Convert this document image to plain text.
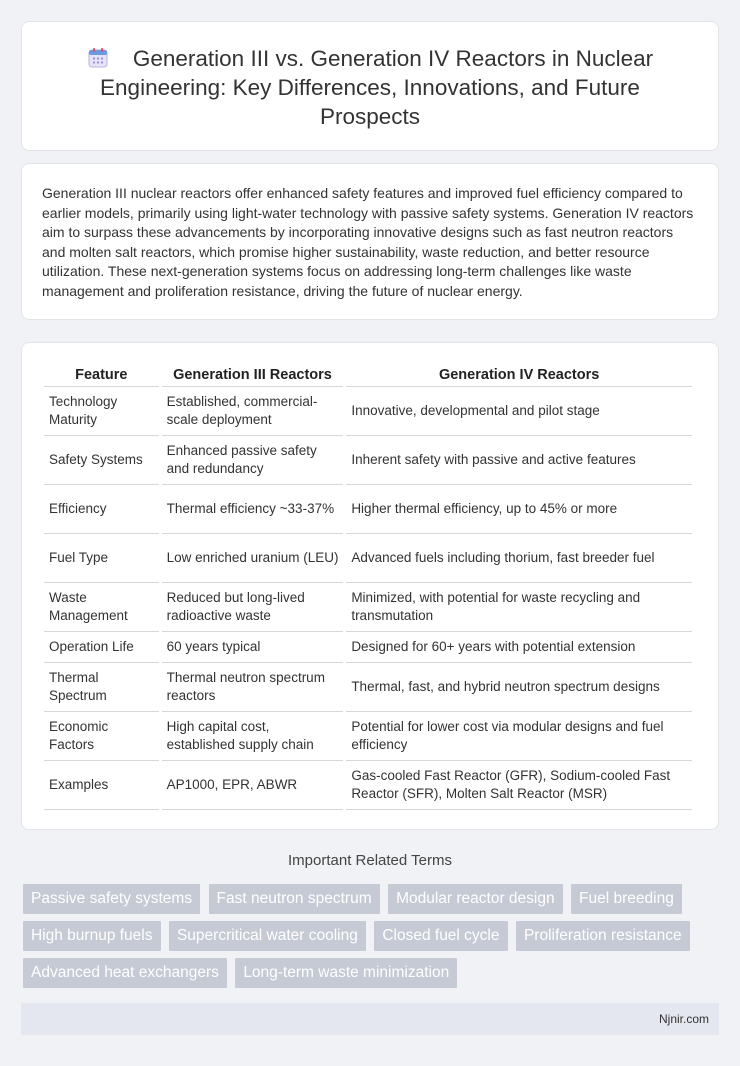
Generation III vs. Generation IV Reactors in Nuclear Engineering: Key Differences, Innovations, and Future Prospects

Generation III nuclear reactors offer enhanced safety features and improved fuel efficiency compared to earlier models, primarily using light-water technology with passive safety systems. Generation IV reactors aim to surpass these advancements by incorporating innovative designs such as fast neutron reactors and molten salt reactors, which promise higher sustainability, waste reduction, and better resource utilization. These next-generation systems focus on addressing long-term challenges like waste management and proliferation resistance, driving the future of nuclear energy.

Feature	Generation III Reactors	Generation IV Reactors
Technology Maturity	Established, commercial-scale deployment	Innovative, developmental and pilot stage
Safety Systems	Enhanced passive safety and redundancy	Inherent safety with passive and active features
Efficiency	Thermal efficiency ~33-37%	Higher thermal efficiency, up to 45% or more
Fuel Type	Low enriched uranium (LEU)	Advanced fuels including thorium, fast breeder fuel
Waste Management	Reduced but long-lived radioactive waste	Minimized, with potential for waste recycling and transmutation
Operation Life	60 years typical	Designed for 60+ years with potential extension
Thermal Spectrum	Thermal neutron spectrum reactors	Thermal, fast, and hybrid neutron spectrum designs
Economic Factors	High capital cost, established supply chain	Potential for lower cost via modular designs and fuel efficiency
Examples	AP1000, EPR, ABWR	Gas-cooled Fast Reactor (GFR), Sodium-cooled Fast Reactor (SFR), Molten Salt Reactor (MSR)
Important Related Terms
Passive safety systems Fast neutron spectrum Modular reactor design Fuel breeding High burnup fuels Supercritical water cooling Closed fuel cycle Proliferation resistance Advanced heat exchangers Long-term waste minimization
Njnir.com
